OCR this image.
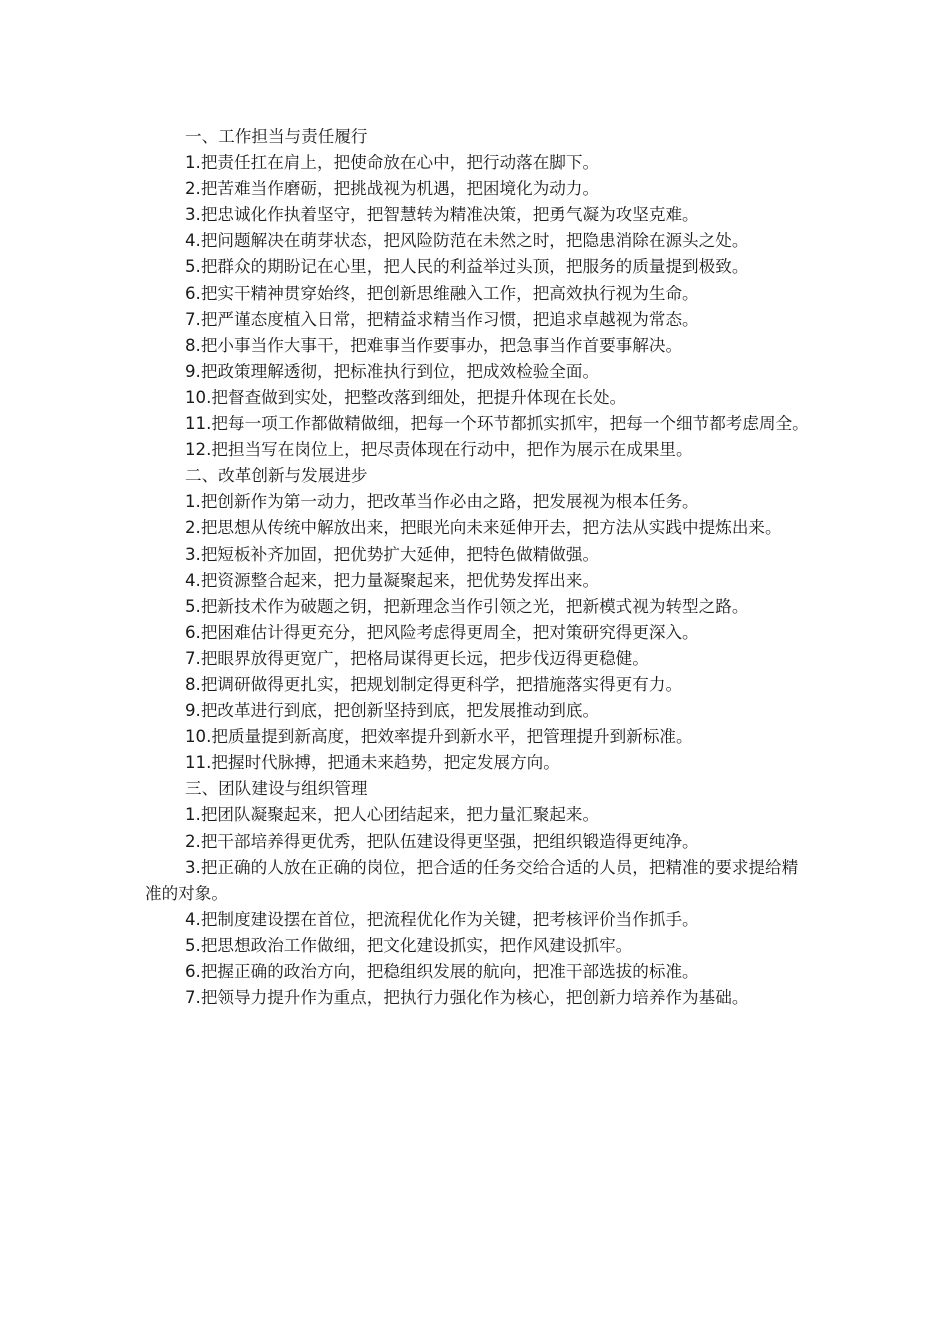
一、工作担当与责任履行

1.把责任扛在肩上，把使命放在心中，把行动落在脚下。

2.把苦难当作磨砺，把挑战视为机遇，把困境化为动力。

3.把忠诚化作执着坚守，把智慧转为精准决策，把勇气凝为攻坚克难。

4.把问题解决在萌芽状态，把风险防范在未然之时，把隐患消除在源头之处。

5.把群众的期盼记在心里，把人民的利益举过头顶，把服务的质量提到极致。

6.把实干精神贯穿始终，把创新思维融入工作，把高效执行视为生命。

7.把严谨态度植入日常，把精益求精当作习惯，把追求卓越视为常态。

8.把小事当作大事干，把难事当作要事办，把急事当作首要事解决。

9.把政策理解透彻，把标准执行到位，把成效检验全面。

10.把督查做到实处，把整改落到细处，把提升体现在长处。

11.把每一项工作都做精做细，把每一个环节都抓实抓牢，把每一个细节都考虑周全。

12.把担当写在岗位上，把尽责体现在行动中，把作为展示在成果里。

二、改革创新与发展进步

1.把创新作为第一动力，把改革当作必由之路，把发展视为根本任务。

2.把思想从传统中解放出来，把眼光向未来延伸开去，把方法从实践中提炼出来。

3.把短板补齐加固，把优势扩大延伸，把特色做精做强。

4.把资源整合起来，把力量凝聚起来，把优势发挥出来。

5.把新技术作为破题之钥，把新理念当作引领之光，把新模式视为转型之路。

6.把困难估计得更充分，把风险考虑得更周全，把对策研究得更深入。

7.把眼界放得更宽广，把格局谋得更长远，把步伐迈得更稳健。

8.把调研做得更扎实，把规划制定得更科学，把措施落实得更有力。

9.把改革进行到底，把创新坚持到底，把发展推动到底。

10.把质量提到新高度，把效率提升到新水平，把管理提升到新标准。

11.把握时代脉搏，把通未来趋势，把定发展方向。

三、团队建设与组织管理

1.把团队凝聚起来，把人心团结起来，把力量汇聚起来。

2.把干部培养得更优秀，把队伍建设得更坚强，把组织锻造得更纯净。

3.把正确的人放在正确的岗位，把合适的任务交给合适的人员，把精准的要求提给精准的对象。

4.把制度建设摆在首位，把流程优化作为关键，把考核评价当作抓手。

5.把思想政治工作做细，把文化建设抓实，把作风建设抓牢。

6.把握正确的政治方向，把稳组织发展的航向，把准干部选拔的标准。

7.把领导力提升作为重点，把执行力强化作为核心，把创新力培养作为基础。
